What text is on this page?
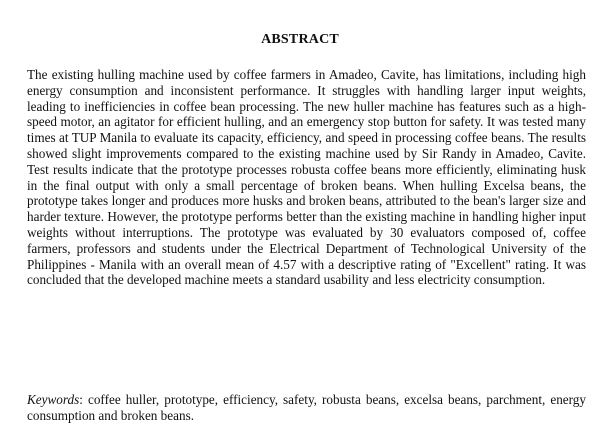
ABSTRACT

The existing hulling machine used by coffee farmers in Amadeo, Cavite, has limitations, including high energy consumption and inconsistent performance. It struggles with handling larger input weights, leading to inefficiencies in coffee bean processing. The new huller machine has features such as a high-speed motor, an agitator for efficient hulling, and an emergency stop button for safety. It was tested many times at TUP Manila to evaluate its capacity, efficiency, and speed in processing coffee beans. The results showed slight improvements compared to the existing machine used by Sir Randy in Amadeo, Cavite. Test results indicate that the prototype processes robusta coffee beans more efficiently, eliminating husk in the final output with only a small percentage of broken beans. When hulling Excelsa beans, the prototype takes longer and produces more husks and broken beans, attributed to the bean's larger size and harder texture. However, the prototype performs better than the existing machine in handling higher input weights without interruptions. The prototype was evaluated by 30 evaluators composed of, coffee farmers, professors and students under the Electrical Department of Technological University of the Philippines - Manila with an overall mean of 4.57 with a descriptive rating of "Excellent" rating. It was concluded that the developed machine meets a standard usability and less electricity consumption.

Keywords: coffee huller, prototype, efficiency, safety, robusta beans, excelsa beans, parchment, energy consumption and broken beans.
